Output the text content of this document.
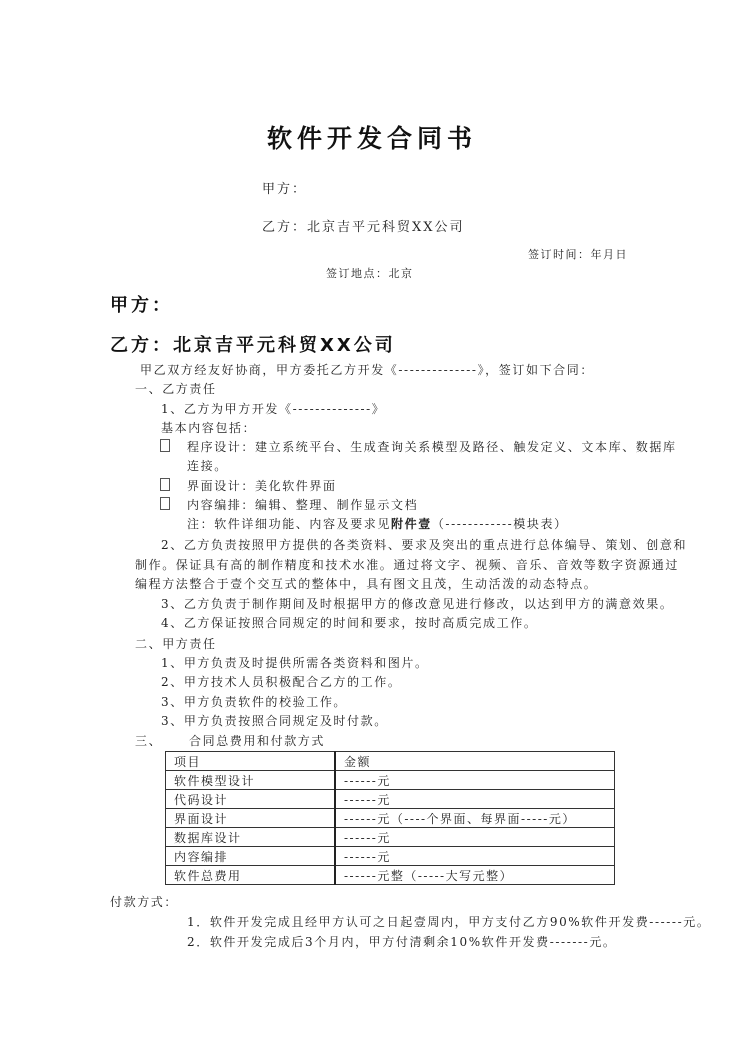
软件开发合同书
甲方：
乙方：北京吉平元科贸XX公司
签订时间：年月日
签订地点：北京
甲方：
乙方：北京吉平元科贸XX公司
甲乙双方经友好协商，甲方委托乙方开发《--------------》，签订如下合同：
一、乙方责任
1、乙方为甲方开发《--------------》
基本内容包括：
程序设计：建立系统平台、生成查询关系模型及路径、触发定义、文本库、数据库
连接。
界面设计：美化软件界面
内容编排：编辑、整理、制作显示文档
注：软件详细功能、内容及要求见附件壹（------------模块表）
2、乙方负责按照甲方提供的各类资料、要求及突出的重点进行总体编导、策划、创意和
制作。保证具有高的制作精度和技术水准。通过将文字、视频、音乐、音效等数字资源通过
编程方法整合于壹个交互式的整体中，具有图文且茂，生动活泼的动态特点。
3、乙方负责于制作期间及时根据甲方的修改意见进行修改，以达到甲方的满意效果。
4、乙方保证按照合同规定的时间和要求，按时高质完成工作。
二、甲方责任
1、甲方负责及时提供所需各类资料和图片。
2、甲方技术人员积极配合乙方的工作。
3、甲方负责软件的校验工作。
3、甲方负责按照合同规定及时付款。
三、 合同总费用和付款方式
项目	金额
软件模型设计	------元
代码设计	------元
界面设计	------元（----个界面、每界面-----元）
数据库设计	------元
内容编排	------元
软件总费用	------元整（-----大写元整）
付款方式：
1．软件开发完成且经甲方认可之日起壹周内，甲方支付乙方90%软件开发费------元。
2．软件开发完成后3个月内，甲方付清剩余10%软件开发费-------元。
